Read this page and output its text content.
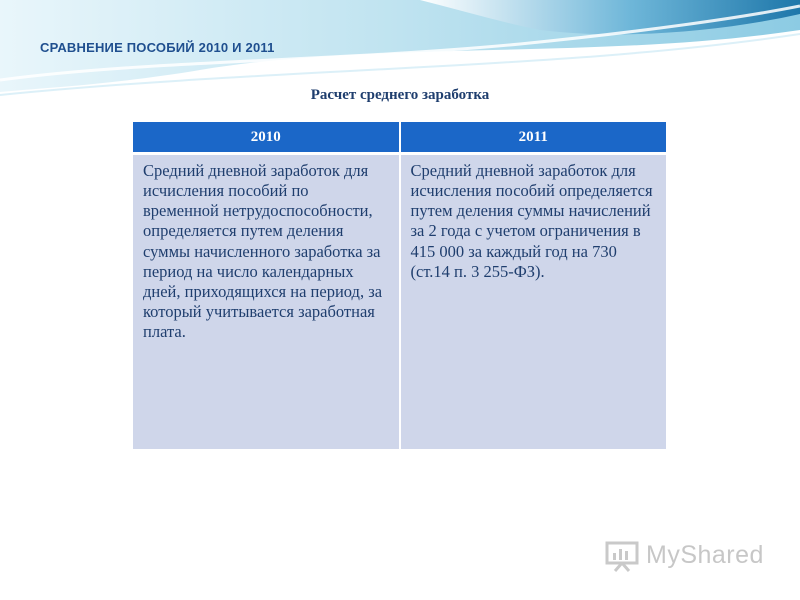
СРАВНЕНИЕ ПОСОБИЙ 2010 И 2011
Расчет среднего заработка
2010	2011
Средний дневной заработок для исчисления пособий по временной нетрудоспособности, определяется путем деления суммы начисленного заработка за период на число календарных дней, приходящихся на период, за который учитывается заработная плата.	Средний дневной заработок для исчисления пособий определяется путем деления суммы начислений за 2 года с учетом ограничения в 415 000 за каждый год на 730 (ст.14 п. 3 255-ФЗ).
MyShared
